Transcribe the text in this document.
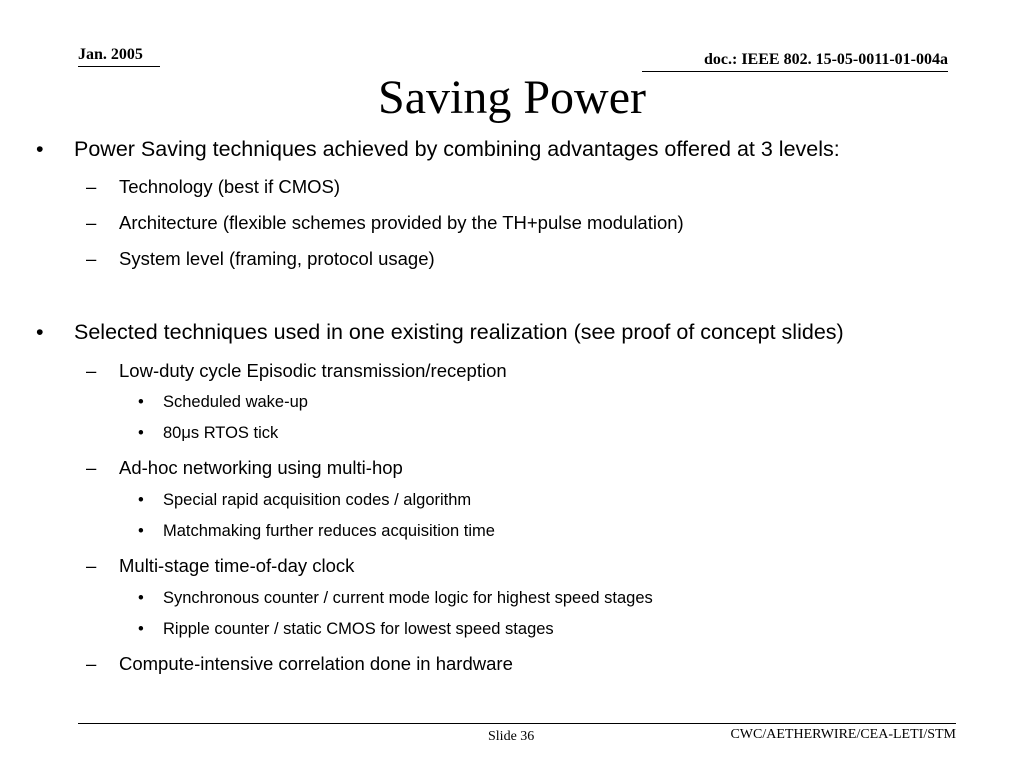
Jan. 2005	doc.: IEEE 802. 15-05-0011-01-004a
Saving Power
• Power Saving techniques achieved by combining advantages offered at 3 levels:
– Technology (best if CMOS)
– Architecture (flexible schemes provided by the TH+pulse modulation)
– System level (framing, protocol usage)
• Selected techniques used in one existing realization (see proof of concept slides)
– Low-duty cycle Episodic transmission/reception
• Scheduled wake-up
• 80μs RTOS tick
– Ad-hoc networking using multi-hop
• Special rapid acquisition codes / algorithm
• Matchmaking further reduces acquisition time
– Multi-stage time-of-day clock
• Synchronous counter / current mode logic for highest speed stages
• Ripple counter / static CMOS for lowest speed stages
– Compute-intensive correlation done in hardware
Slide 36	CWC/AETHERWIRE/CEA-LETI/STM
